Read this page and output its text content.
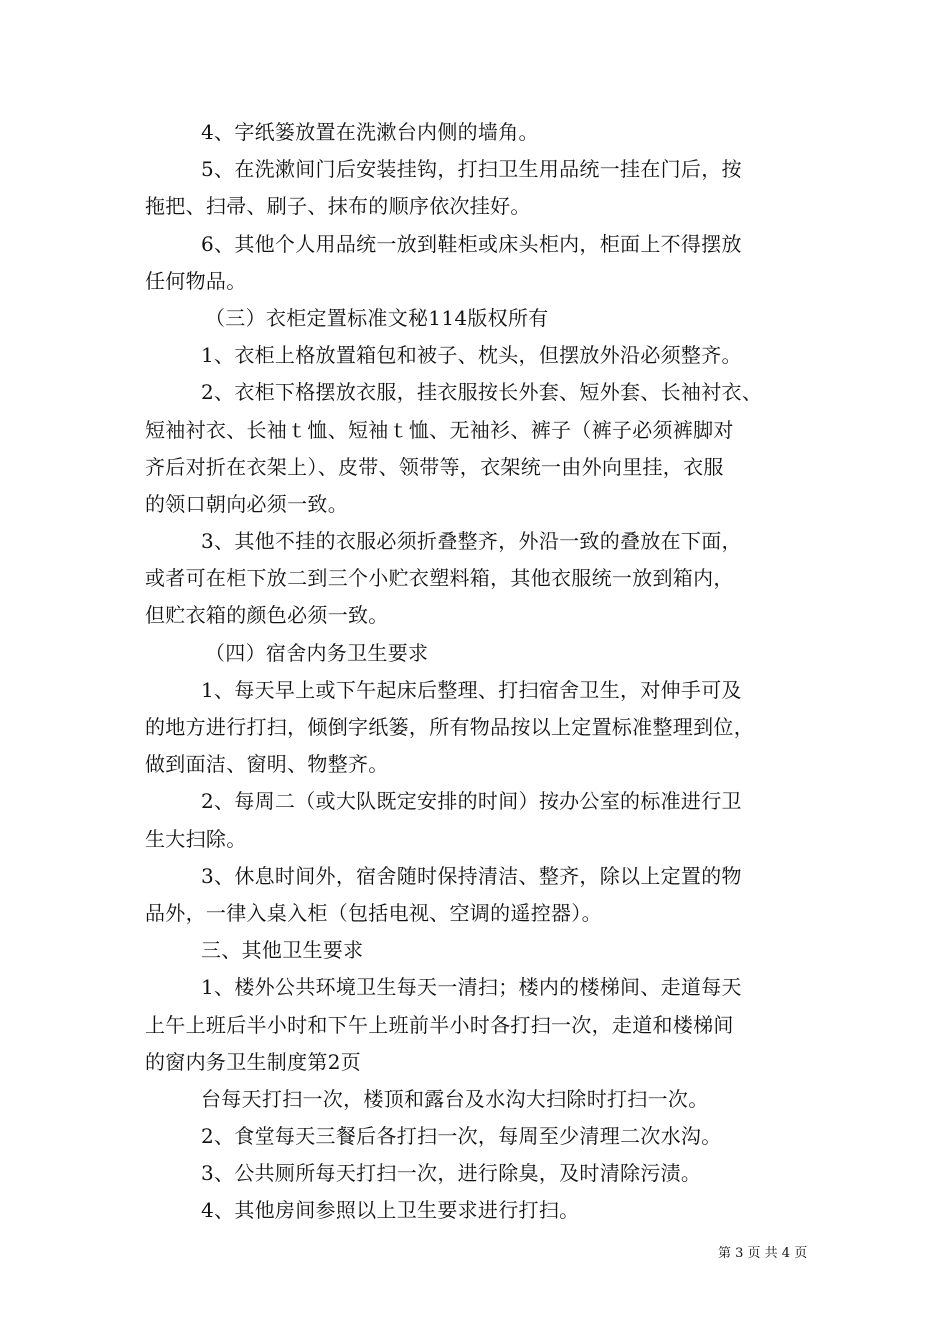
4、字纸篓放置在洗漱台内侧的墙角。
5、在洗漱间门后安装挂钩，打扫卫生用品统一挂在门后，按
拖把、扫帚、刷子、抹布的顺序依次挂好。
6、其他个人用品统一放到鞋柜或床头柜内，柜面上不得摆放
任何物品。
（三）衣柜定置标准文秘114版权所有
1、衣柜上格放置箱包和被子、枕头，但摆放外沿必须整齐。
2、衣柜下格摆放衣服，挂衣服按长外套、短外套、长袖衬衣、
短袖衬衣、长袖ｔ恤、短袖ｔ恤、无袖衫、裤子（裤子必须裤脚对
齐后对折在衣架上）、皮带、领带等，衣架统一由外向里挂，衣服
的领口朝向必须一致。
3、其他不挂的衣服必须折叠整齐，外沿一致的叠放在下面，
或者可在柜下放二到三个小贮衣塑料箱，其他衣服统一放到箱内，
但贮衣箱的颜色必须一致。
（四）宿舍内务卫生要求
1、每天早上或下午起床后整理、打扫宿舍卫生，对伸手可及
的地方进行打扫，倾倒字纸篓，所有物品按以上定置标准整理到位，
做到面洁、窗明、物整齐。
2、每周二（或大队既定安排的时间）按办公室的标准进行卫
生大扫除。
3、休息时间外，宿舍随时保持清洁、整齐，除以上定置的物
品外，一律入桌入柜（包括电视、空调的遥控器）。
三、其他卫生要求
1、楼外公共环境卫生每天一清扫；楼内的楼梯间、走道每天
上午上班后半小时和下午上班前半小时各打扫一次，走道和楼梯间
的窗内务卫生制度第2页
台每天打扫一次，楼顶和露台及水沟大扫除时打扫一次。
2、食堂每天三餐后各打扫一次，每周至少清理二次水沟。
3、公共厕所每天打扫一次，进行除臭，及时清除污渍。
4、其他房间参照以上卫生要求进行打扫。
第 3 页 共 4 页
